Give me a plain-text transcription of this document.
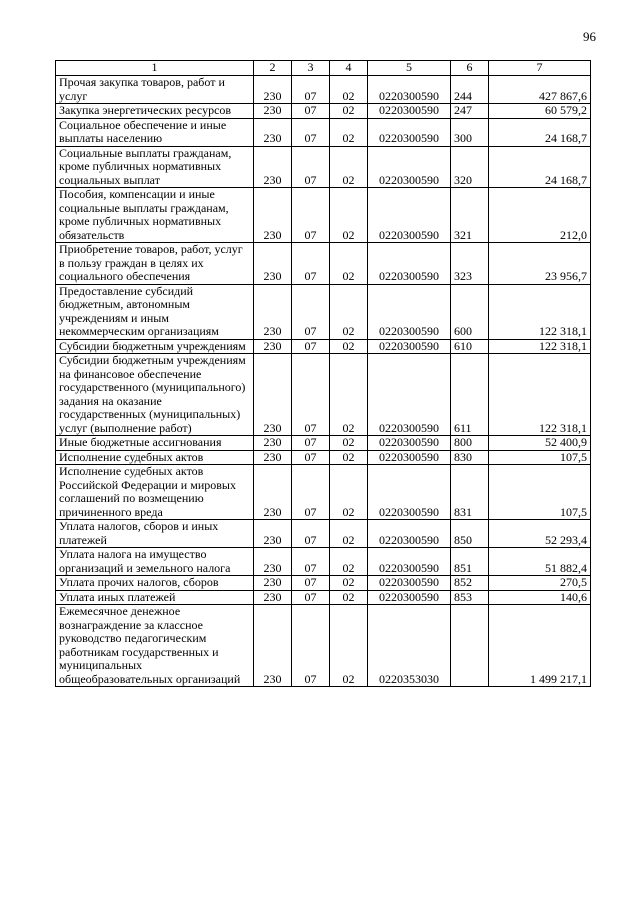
96
1	2	3	4	5	6	7
Прочая закупка товаров, работ и услуг	230	07	02	0220300590	244	427 867,6
Закупка энергетических ресурсов	230	07	02	0220300590	247	60 579,2
Социальное обеспечение и иные выплаты населению	230	07	02	0220300590	300	24 168,7
Социальные выплаты гражданам, кроме публичных нормативных социальных выплат	230	07	02	0220300590	320	24 168,7
Пособия, компенсации и иные социальные выплаты гражданам, кроме публичных нормативных обязательств	230	07	02	0220300590	321	212,0
Приобретение товаров, работ, услуг в пользу граждан в целях их социального обеспечения	230	07	02	0220300590	323	23 956,7
Предоставление субсидий бюджетным, автономным учреждениям и иным некоммерческим организациям	230	07	02	0220300590	600	122 318,1
Субсидии бюджетным учреждениям	230	07	02	0220300590	610	122 318,1
Субсидии бюджетным учреждениям на финансовое обеспечение государственного (муниципального) задания на оказание государственных (муниципальных) услуг (выполнение работ)	230	07	02	0220300590	611	122 318,1
Иные бюджетные ассигнования	230	07	02	0220300590	800	52 400,9
Исполнение судебных актов	230	07	02	0220300590	830	107,5
Исполнение судебных актов Российской Федерации и мировых соглашений по возмещению причиненного вреда	230	07	02	0220300590	831	107,5
Уплата налогов, сборов и иных платежей	230	07	02	0220300590	850	52 293,4
Уплата налога на имущество организаций и земельного налога	230	07	02	0220300590	851	51 882,4
Уплата прочих налогов, сборов	230	07	02	0220300590	852	270,5
Уплата иных платежей	230	07	02	0220300590	853	140,6
Ежемесячное денежное вознаграждение за классное руководство педагогическим работникам государственных и муниципальных общеобразовательных организаций	230	07	02	0220353030		1 499 217,1
